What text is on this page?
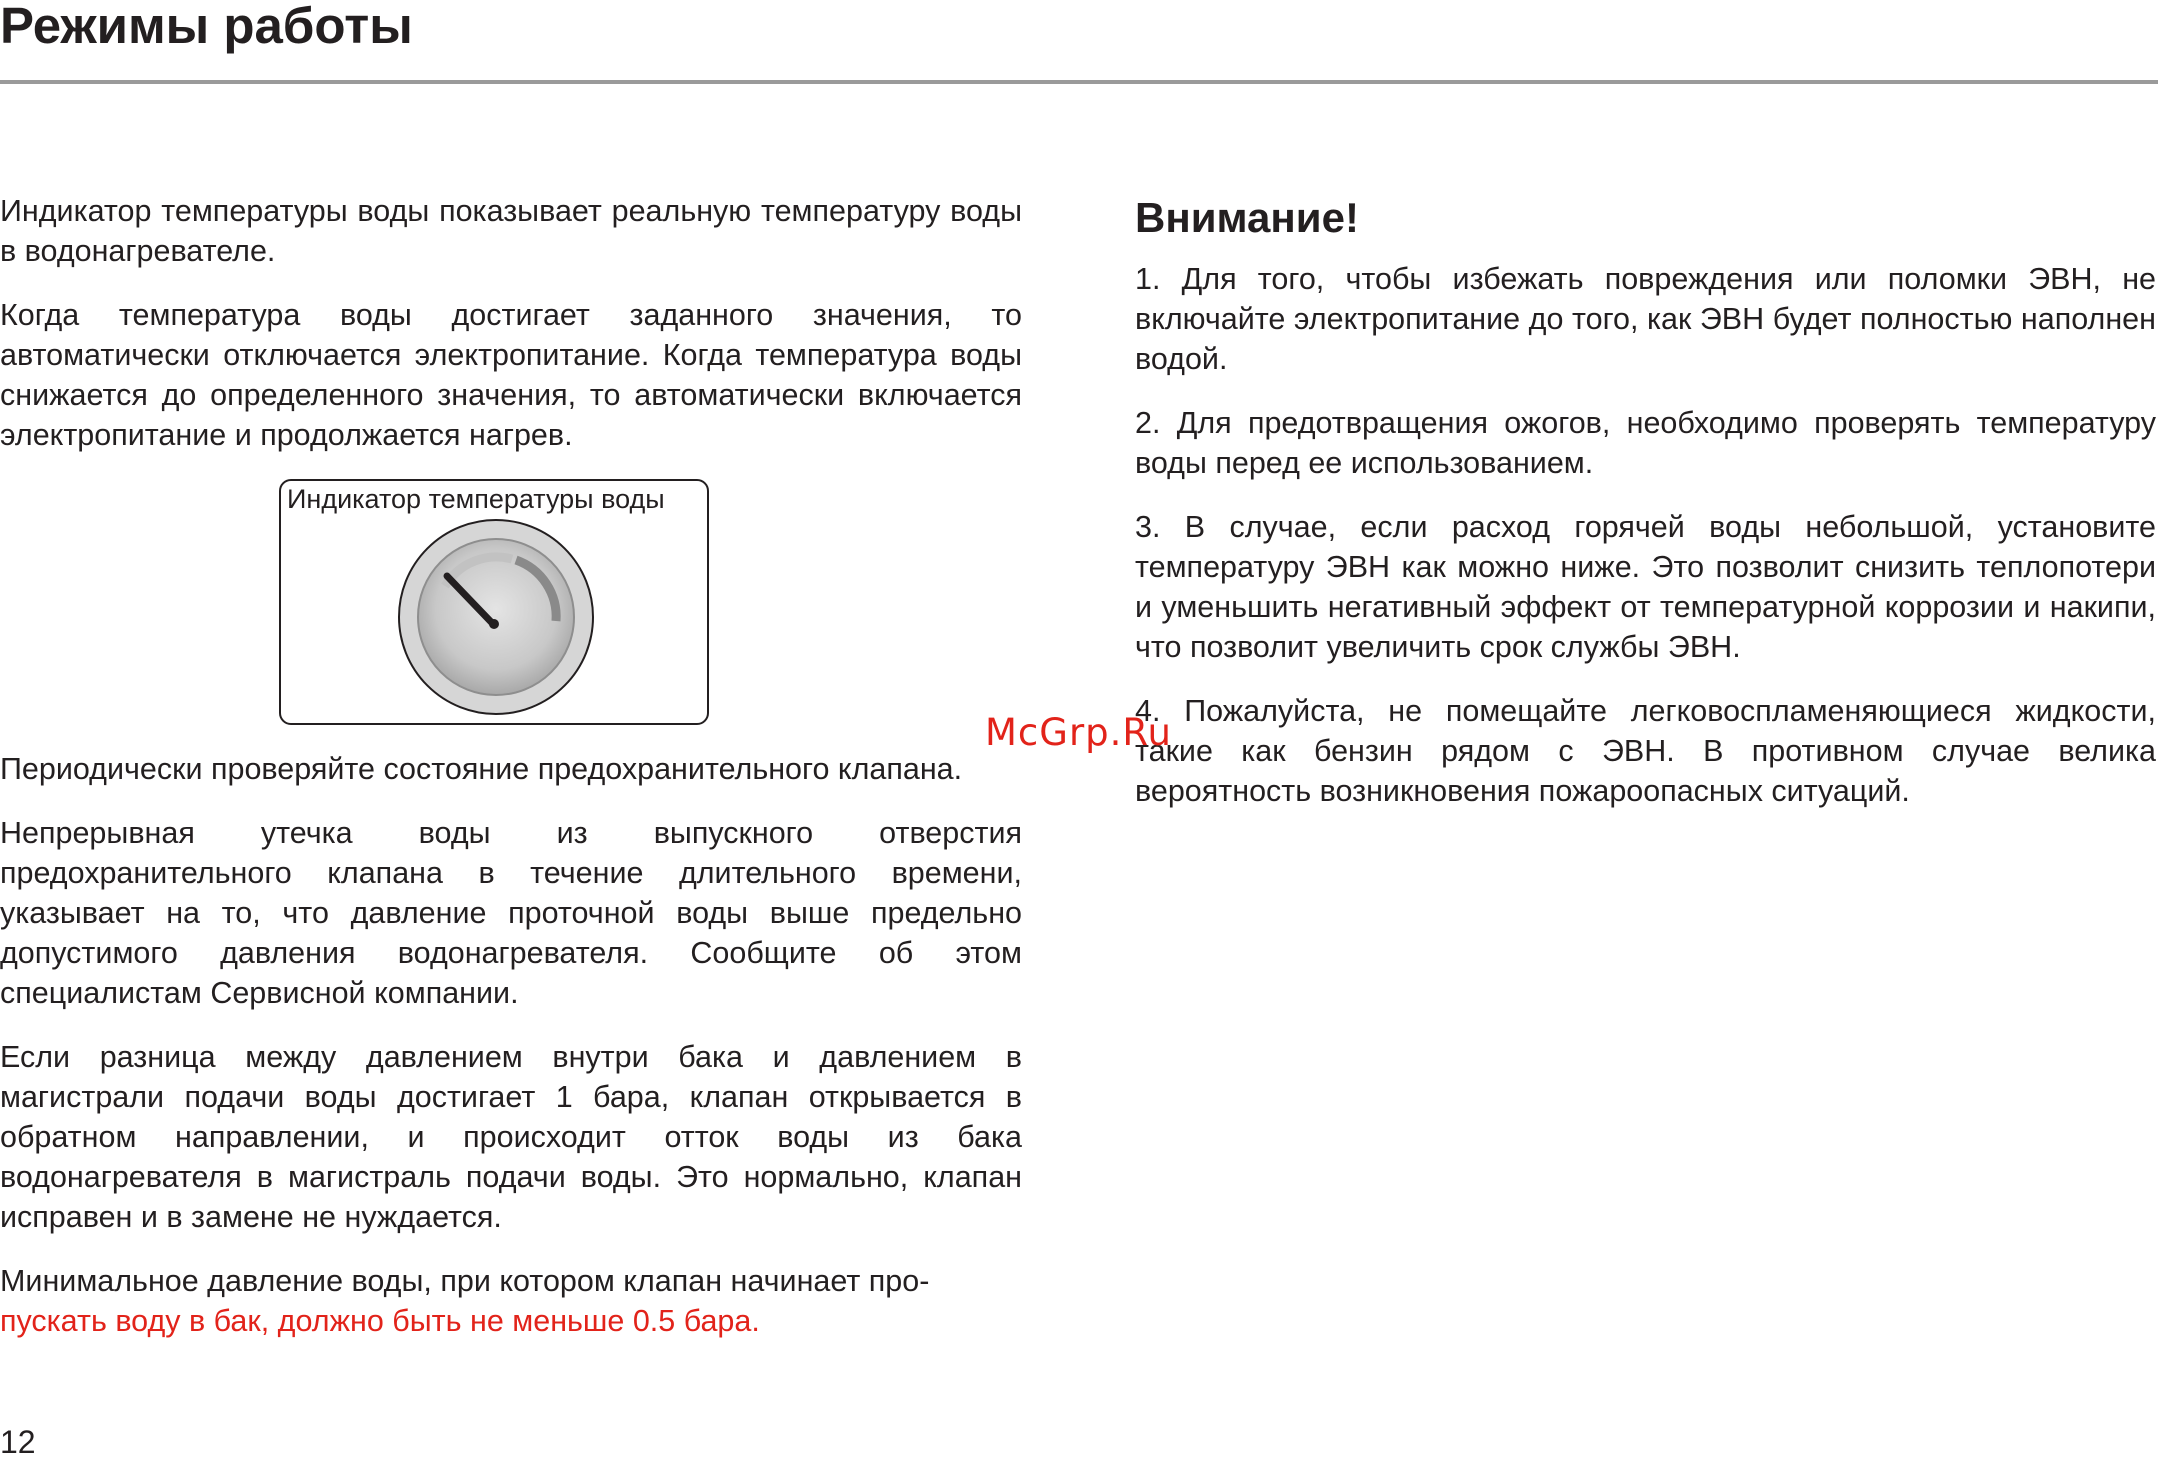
Режимы работы

Индикатор температуры воды показывает реальную температуру воды в водонагревателе.

Когда температура воды достигает заданного значения, то автоматически отключается электропитание. Когда температура воды снижается до определенного значения, то автоматически включается электропитание и продолжается нагрев.

Индикатор температуры воды

Периодически проверяйте состояние предохранительного клапана.

Непрерывная утечка воды из выпускного отверстия предохранительного клапана в течение длительного времени, указывает на то, что давление проточной воды выше предельно допустимого давления водонагревателя. Сообщите об этом специалистам Сервисной компании.

Если разница между давлением внутри бака и давлением в магистрали подачи воды достигает 1 бара, клапан открывается в обратном направлении, и происходит отток воды из бака водонагревателя в магистраль подачи воды. Это нормально, клапан исправен и в замене не нуждается.

Минимальное давление воды, при котором клапан начинает про-
пускать воду в бак, должно быть не меньше 0.5 бара.

Внимание!

1. Для того, чтобы избежать повреждения или поломки ЭВН, не включайте электропитание до того, как ЭВН будет полностью наполнен водой.

2. Для предотвращения ожогов, необходимо проверять температуру воды перед ее использованием.

3. В случае, если расход горячей воды небольшой, установите температуру ЭВН как можно ниже. Это позволит снизить теплопотери и уменьшить негативный эффект от температурной коррозии и накипи, что позволит увеличить срок службы ЭВН.

4. Пожалуйста, не помещайте легковоспламеняющиеся жидкости, такие как бензин рядом с ЭВН. В противном случае велика вероятность возникновения пожароопасных ситуаций.

McGrp.Ru
12
